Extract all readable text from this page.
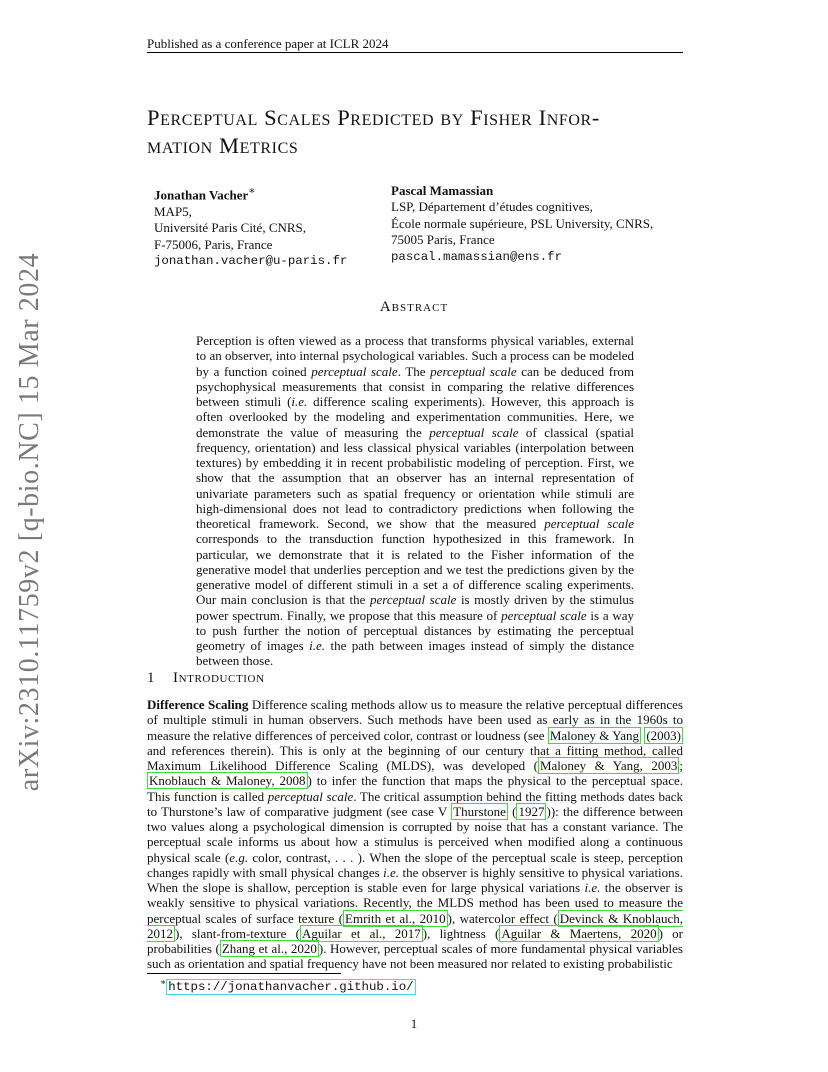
Published as a conference paper at ICLR 2024
arXiv:2310.11759v2 [q-bio.NC] 15 Mar 2024
Perceptual Scales Predicted by Fisher Infor-
mation Metrics
Jonathan Vacher∗
MAP5,
Université Paris Cité, CNRS,
F-75006, Paris, France
jonathan.vacher@u-paris.fr
Pascal Mamassian
LSP, Département d’études cognitives,
École normale supérieure, PSL University, CNRS,
75005 Paris, France
pascal.mamassian@ens.fr
Abstract
Perception is often viewed as a process that transforms physical variables, external to an observer, into internal psychological variables. Such a process can be modeled by a function coined perceptual scale. The perceptual scale can be deduced from psychophysical measurements that consist in comparing the relative differences between stimuli (i.e. difference scaling experiments). However, this approach is often overlooked by the modeling and experimentation communities. Here, we demonstrate the value of measuring the perceptual scale of classical (spatial frequency, orientation) and less classical physical variables (interpolation between textures) by embedding it in recent probabilistic modeling of perception. First, we show that the assumption that an observer has an internal representation of univariate parameters such as spatial frequency or orientation while stimuli are high-dimensional does not lead to contradictory predictions when following the theoretical framework. Second, we show that the measured perceptual scale corresponds to the transduction function hypothesized in this framework. In particular, we demonstrate that it is related to the Fisher information of the generative model that underlies perception and we test the predictions given by the generative model of different stimuli in a set a of difference scaling experiments. Our main conclusion is that the perceptual scale is mostly driven by the stimulus power spectrum. Finally, we propose that this measure of perceptual scale is a way to push further the notion of perceptual distances by estimating the perceptual geometry of images i.e. the path between images instead of simply the distance between those.
1 Introduction
Difference Scaling Difference scaling methods allow us to measure the relative perceptual differences of multiple stimuli in human observers. Such methods have been used as early as in the 1960s to measure the relative differences of perceived color, contrast or loudness (see Maloney & Yang (2003) and references therein). This is only at the beginning of our century that a fitting method, called Maximum Likelihood Difference Scaling (MLDS), was developed ( Maloney & Yang, 2003 ; Knoblauch & Maloney, 2008 ) to infer the function that maps the physical to the perceptual space. This function is called perceptual scale. The critical assumption behind the fitting methods dates back to Thurstone’s law of comparative judgment (see case V Thurstone ( 1927 )): the difference between two values along a psychological dimension is corrupted by noise that has a constant variance. The perceptual scale informs us about how a stimulus is perceived when modified along a continuous physical scale (e.g. color, contrast, . . . ). When the slope of the perceptual scale is steep, perception changes rapidly with small physical changes i.e. the observer is highly sensitive to physical variations. When the slope is shallow, perception is stable even for large physical variations i.e. the observer is weakly sensitive to physical variations. Recently, the MLDS method has been used to measure the perceptual scales of surface texture ( Emrith et al., 2010 ), watercolor effect ( Devinck & Knoblauch, 2012 ), slant-from-texture ( Aguilar et al., 2017 ), lightness ( Aguilar & Maertens, 2020 ) or probabilities ( Zhang et al., 2020 ). However, perceptual scales of more fundamental physical variables such as orientation and spatial frequency have not been measured nor related to existing probabilistic
∗ https://jonathanvacher.github.io/
1
